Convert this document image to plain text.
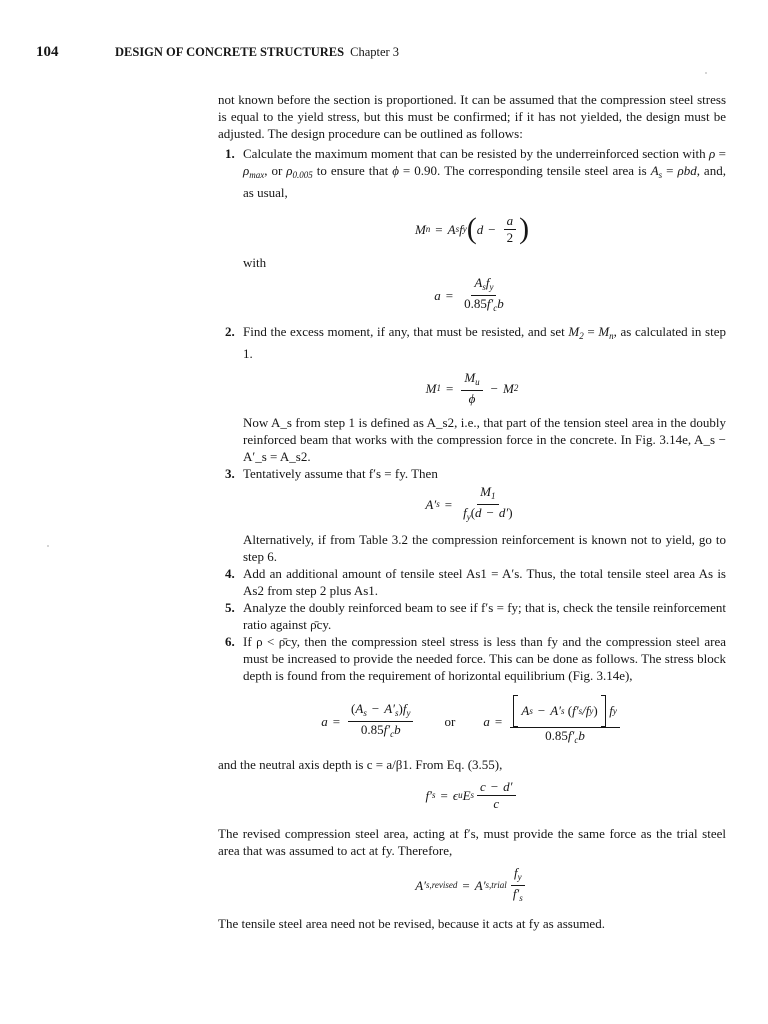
104	DESIGN OF CONCRETE STRUCTURES Chapter 3

not known before the section is proportioned. It can be assumed that the compression steel stress is equal to the yield stress, but this must be confirmed; if it has not yielded, the design must be adjusted. The design procedure can be outlined as follows:

1. Calculate the maximum moment that can be resisted by the underreinforced section with $\rho = \rho_{max}$, or $\rho_{0.005}$ to ensure that ϕ = 0.90. The corresponding tensile steel area is $A_s = \rho bd$, and, as usual,

M n = A s f y ( $d - \frac{a}{2}$ )

with

$a = \frac{A_sf_y}{0.85f'_cb}$

2. Find the excess moment, if any, that must be resisted, and set $M_2 = M_n$, as calculated in step 1.

M $1 = \frac{M_u}{\phi} - M$ 2

Now A_s from step 1 is defined as A_s2, i.e., that part of the tension steel area in the doubly reinforced beam that works with the compression force in the concrete. In Fig. 3.14e, A_s − A′_s = A_s2.

3. Tentatively assume that f′s = fy. Then

A′ $s = \frac{M_1}{f_y(d - d')}$

Alternatively, if from Table 3.2 the compression reinforcement is known not to yield, go to step 6.

4. Add an additional amount of tensile steel As1 = A′s. Thus, the total tensile steel area As is As2 from step 2 plus As1.

5. Analyze the doubly reinforced beam to see if f′s = fy; that is, check the tensile reinforcement ratio against ρ̄cy.

6. If ρ < ρ̄cy, then the compression steel stress is less than fy and the compression steel area must be increased to provide the needed force. This can be done as follows. The stress block depth is found from the requirement of horizontal equilibrium (Fig. 3.14e),

$a = \frac{(A_s - A'_s)f_y}{0.85f'_cb}$ or a = A s − A′ s
( f′ s /f y )
f y
$0.85f'_cb$

and the neutral axis depth is c = a/β1. From Eq. (3.55),

f′ s = ϵ u E s $\frac{c - d'}{c}$

The revised compression steel area, acting at f′s, must provide the same force as the trial steel area that was assumed to act at fy. Therefore,

A′ s,revised = A′ s,trial $\frac{f_y}{f'_s}$

The tensile steel area need not be revised, because it acts at fy as assumed.
